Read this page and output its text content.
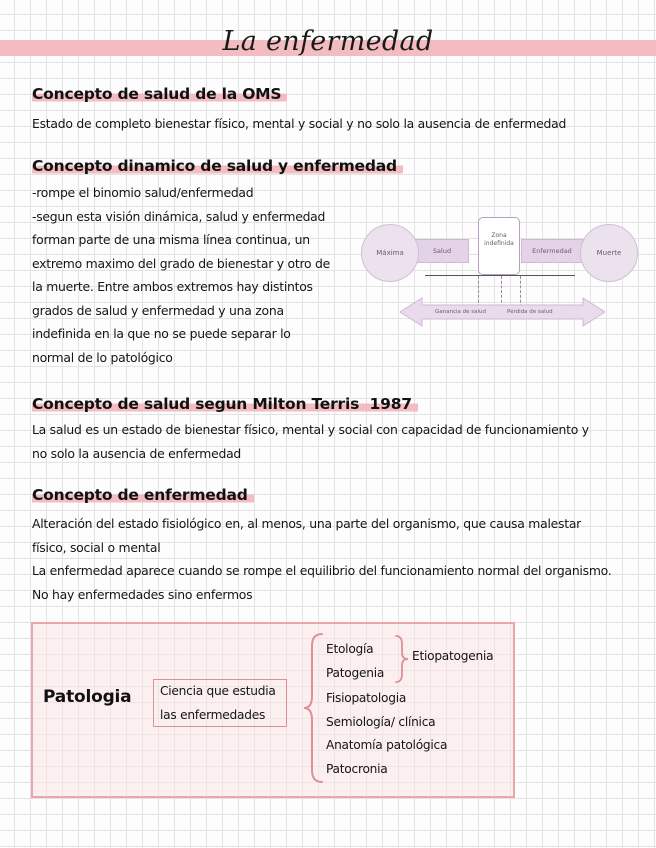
La enfermedad
Concepto de salud de la OMS
Estado de completo bienestar físico, mental y social y no solo la ausencia de enfermedad
Concepto dinamico de salud y enfermedad
-rompe el binomio salud/enfermedad
-segun esta visión dinámica, salud y enfermedad
forman parte de una misma línea continua, un
extremo maximo del grado de bienestar y otro de
la muerte. Entre ambos extremos hay distintos
grados de salud y enfermedad y una zona
indefinida en la que no se puede separar lo
normal de lo patológico
Salud	Enfermedad
Máxima	Muerte
Zona
indefinida
Ganancia de salud	Pérdida de salud
Concepto de salud segun Milton Terris 1987
La salud es un estado de bienestar físico, mental y social con capacidad de funcionamiento y
no solo la ausencia de enfermedad
Concepto de enfermedad
Alteración del estado fisiológico en, al menos, una parte del organismo, que causa malestar
físico, social o mental
La enfermedad aparece cuando se rompe el equilibrio del funcionamiento normal del organismo.
No hay enfermedades sino enfermos
Patologia Ciencia que estudia
las enfermedades
Etología
Patogenia
Etiopatogenia
Fisiopatologia
Semiología/ clínica
Anatomía patológica
Patocronia
